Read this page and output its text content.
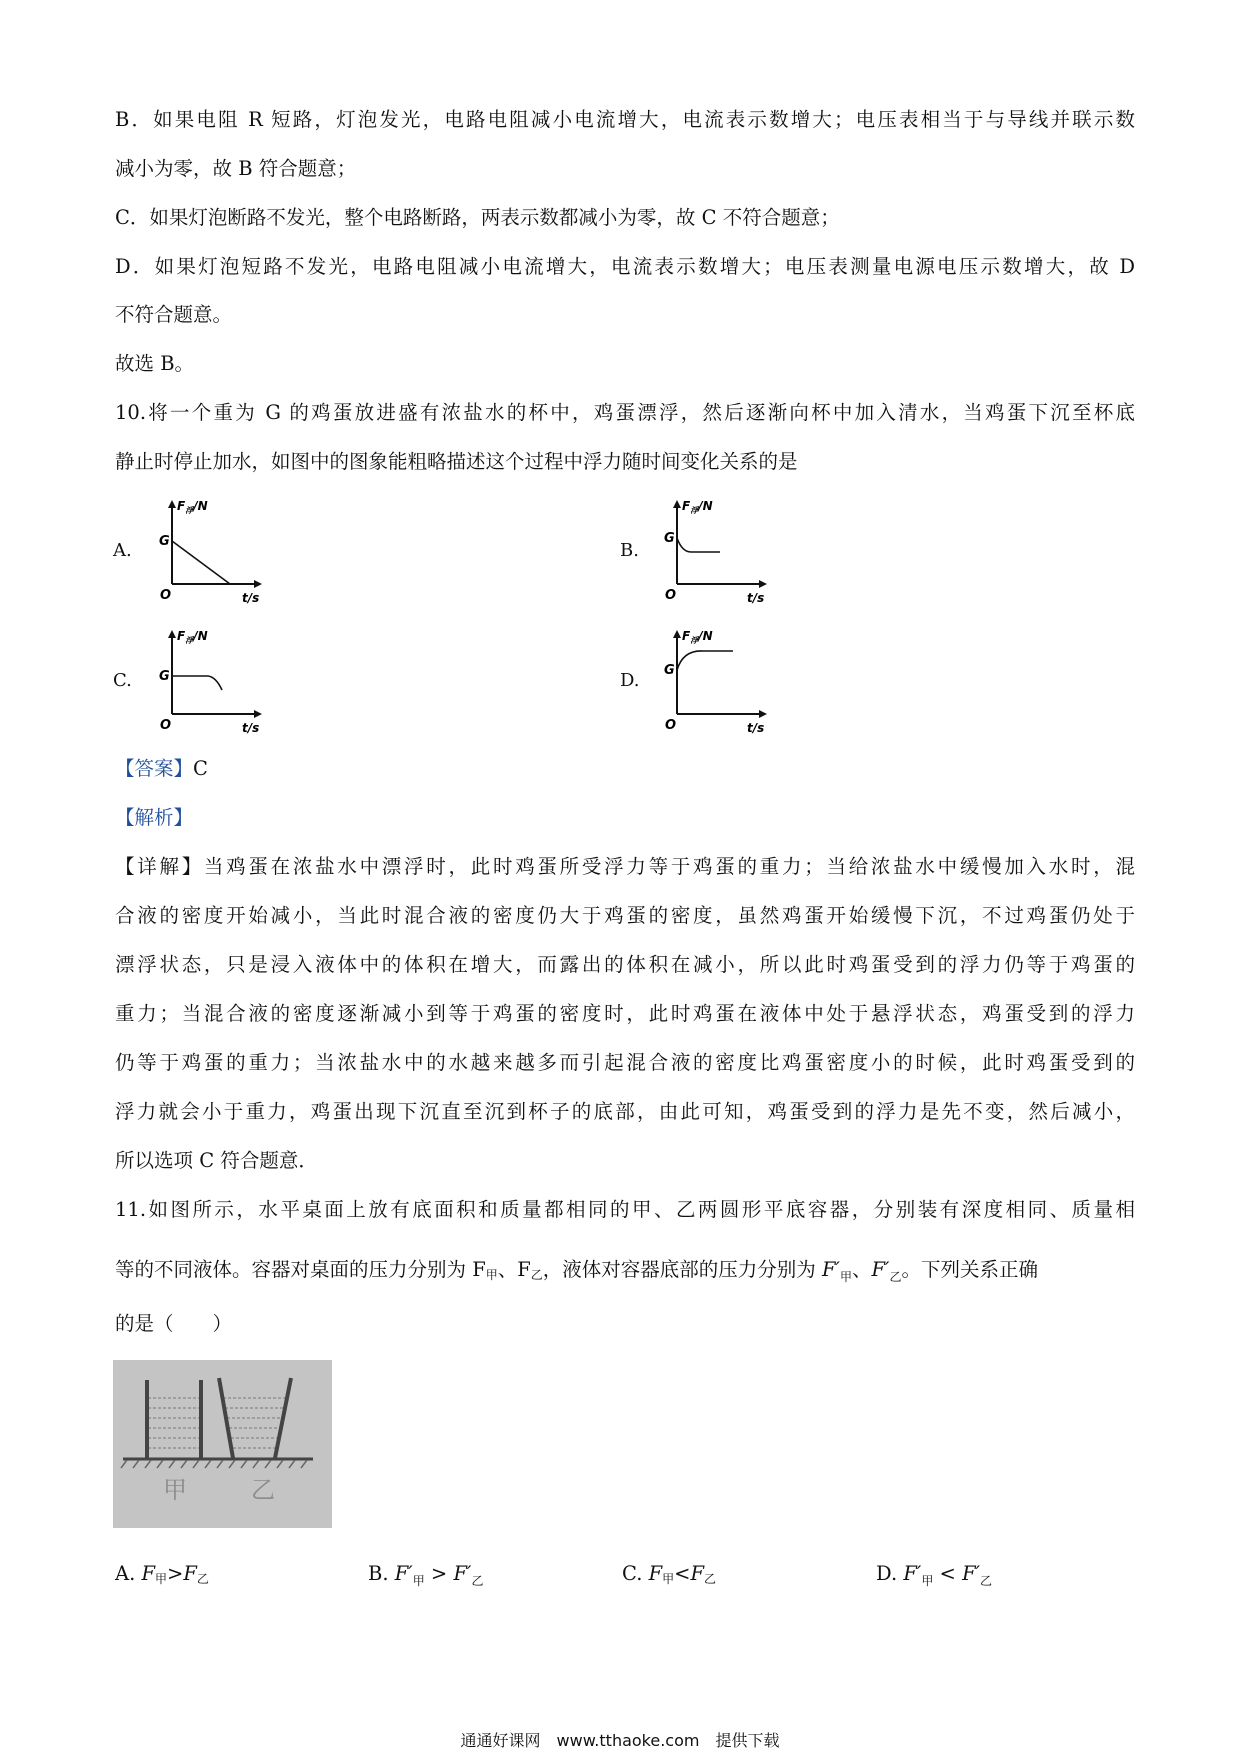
B．如果电阻 R 短路，灯泡发光，电路电阻减小电流增大，电流表示数增大；电压表相当于与导线并联示数
减小为零，故 B 符合题意；
C．如果灯泡断路不发光，整个电路断路，两表示数都减小为零，故 C 不符合题意；
D．如果灯泡短路不发光，电路电阻减小电流增大，电流表示数增大；电压表测量电源电压示数增大，故 D
不符合题意。
故选 B。
10.将一个重为 G 的鸡蛋放进盛有浓盐水的杯中，鸡蛋漂浮，然后逐渐向杯中加入清水，当鸡蛋下沉至杯底
静止时停止加水，如图中的图象能粗略描述这个过程中浮力随时间变化关系的是
A.
$F_浮/N$
G
O	t/s
B.
$F_浮/N$
G
O	t/s
C.
$F_浮/N$
G
O	t/s
D.
$F_浮/N$
G
O	t/s
【答案】C
【解析】
【详解】当鸡蛋在浓盐水中漂浮时，此时鸡蛋所受浮力等于鸡蛋的重力；当给浓盐水中缓慢加入水时，混
合液的密度开始减小，当此时混合液的密度仍大于鸡蛋的密度，虽然鸡蛋开始缓慢下沉，不过鸡蛋仍处于
漂浮状态，只是浸入液体中的体积在增大，而露出的体积在减小，所以此时鸡蛋受到的浮力仍等于鸡蛋的
重力；当混合液的密度逐渐减小到等于鸡蛋的密度时，此时鸡蛋在液体中处于悬浮状态，鸡蛋受到的浮力
仍等于鸡蛋的重力；当浓盐水中的水越来越多而引起混合液的密度比鸡蛋密度小的时候，此时鸡蛋受到的
浮力就会小于重力，鸡蛋出现下沉直至沉到杯子的底部，由此可知，鸡蛋受到的浮力是先不变，然后减小，
所以选项 C 符合题意．
11.如图所示，水平桌面上放有底面积和质量都相同的甲、乙两圆形平底容器，分别装有深度相同、质量相
等的不同液体。容器对桌面的压力分别为 F甲、F乙，液体对容器底部的压力分别为 $F'_甲$、$F'_乙$。下列关系正确
的是（　　）
甲	乙
A. F甲>F乙	B. $F'_甲 > F'_乙$	C. F甲<F乙	D. $F'_甲 < F'_乙$
通通好课网　www.tthaoke.com　提供下载
